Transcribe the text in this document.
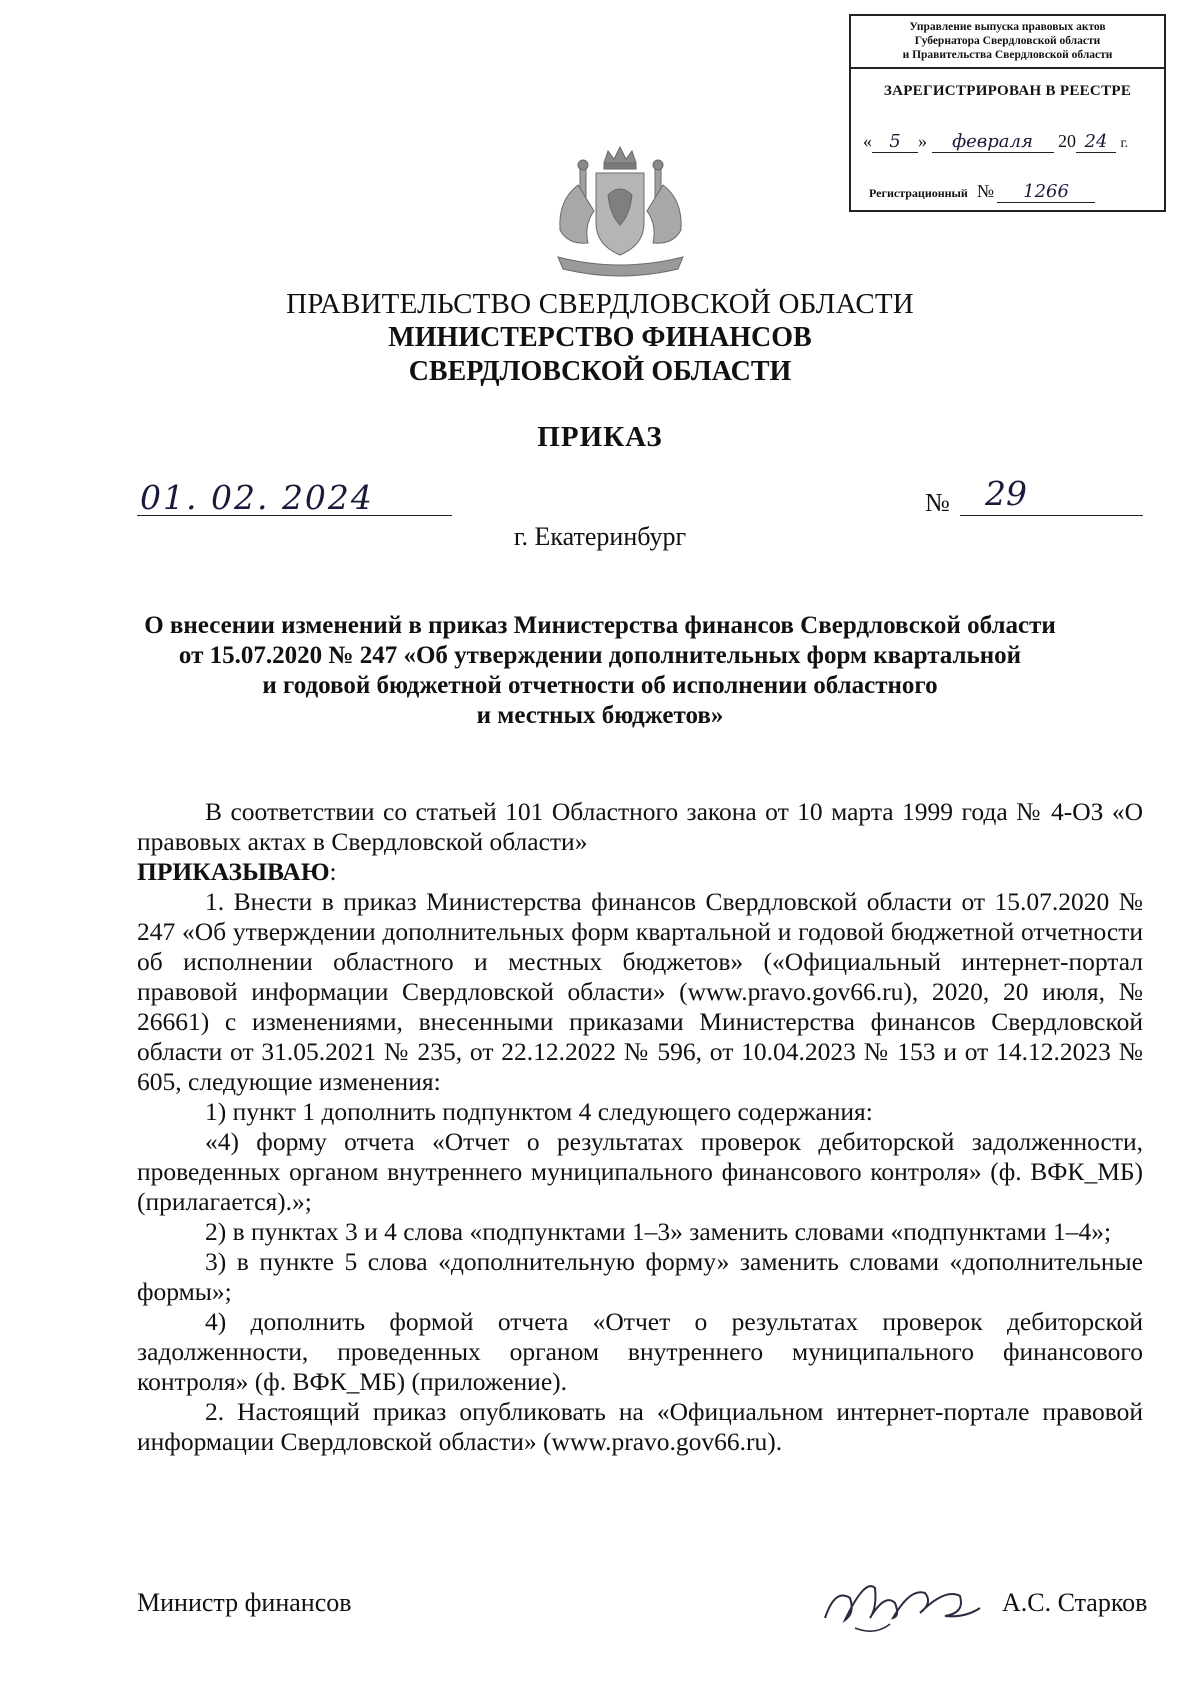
Управление выпуска правовых актов
Губернатора Свердловской области
и Правительства Свердловской области
ЗАРЕГИСТРИРОВАН В РЕЕСТРЕ
« 5 » февраля 20 24 г.
Регистрационный № 1266
ПРАВИТЕЛЬСТВО СВЕРДЛОВСКОЙ ОБЛАСТИ
МИНИСТЕРСТВО ФИНАНСОВ
СВЕРДЛОВСКОЙ ОБЛАСТИ
ПРИКАЗ
01. 02. 2024	№ 29
г. Екатеринбург
О внесении изменений в приказ Министерства финансов Свердловской области
от 15.07.2020 № 247 «Об утверждении дополнительных форм квартальной
и годовой бюджетной отчетности об исполнении областного
и местных бюджетов»

В соответствии со статьей 101 Областного закона от 10 марта 1999 года № 4-ОЗ «О правовых актах в Свердловской области»

ПРИКАЗЫВАЮ:

1. Внести в приказ Министерства финансов Свердловской области от 15.07.2020 № 247 «Об утверждении дополнительных форм квартальной и годовой бюджетной отчетности об исполнении областного и местных бюджетов» («Официальный интернет-портал правовой информации Свердловской области» (www.pravo.gov66.ru), 2020, 20 июля, № 26661) с изменениями, внесенными приказами Министерства финансов Свердловской области от 31.05.2021 № 235, от 22.12.2022 № 596, от 10.04.2023 № 153 и от 14.12.2023 № 605, следующие изменения:

1) пункт 1 дополнить подпунктом 4 следующего содержания:

«4) форму отчета «Отчет о результатах проверок дебиторской задолженности, проведенных органом внутреннего муниципального финансового контроля» (ф. ВФК_МБ) (прилагается).»;

2) в пунктах 3 и 4 слова «подпунктами 1–3» заменить словами «подпунктами 1–4»;

3) в пункте 5 слова «дополнительную форму» заменить словами «дополнительные формы»;

4) дополнить формой отчета «Отчет о результатах проверок дебиторской задолженности, проведенных органом внутреннего муниципального финансового контроля» (ф. ВФК_МБ) (приложение).

2. Настоящий приказ опубликовать на «Официальном интернет-портале правовой информации Свердловской области» (www.pravo.gov66.ru).

Министр финансов	А.С. Старков
